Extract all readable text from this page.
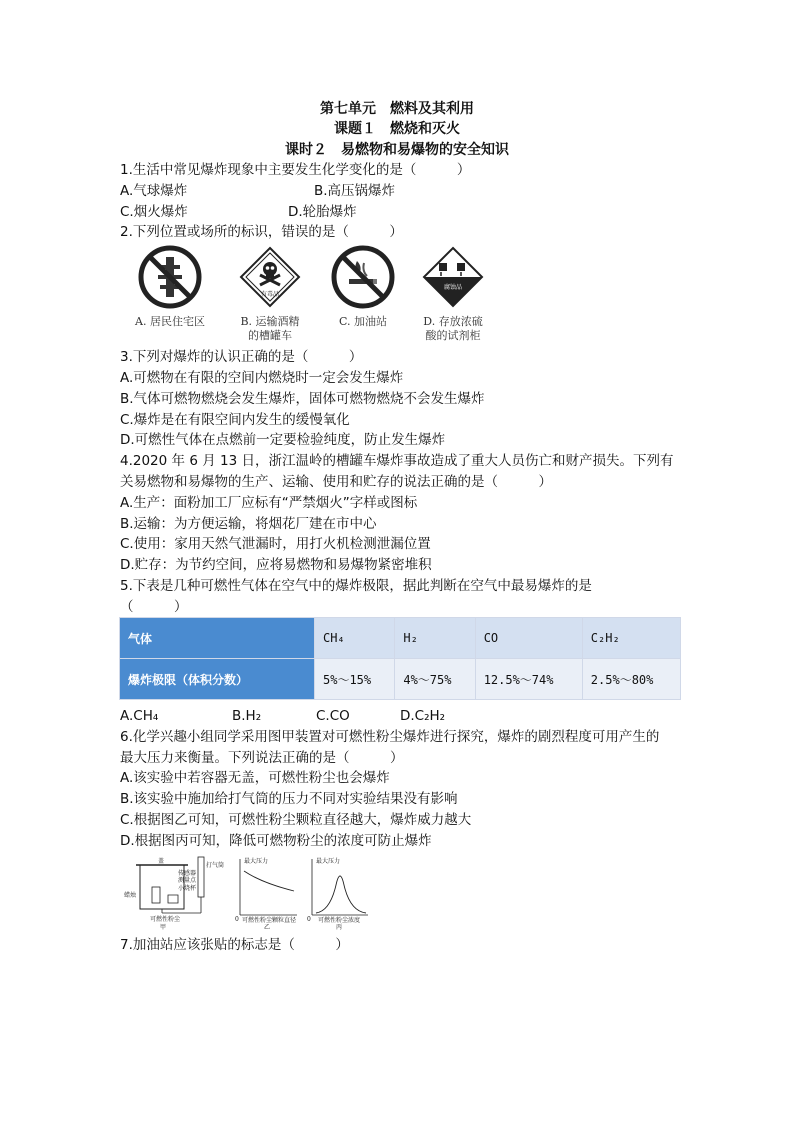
第七单元　燃料及其利用
课题１　燃烧和灭火
课时２　易燃物和易爆物的安全知识
1.生活中常见爆炸现象中主要发生化学变化的是（　　　）
A.气球爆炸	B.高压锅爆炸
C.烟火爆炸	D.轮胎爆炸
2.下列位置或场所的标识，错误的是（　　　）
A. 居民住宅区
有毒品
B. 运输酒精
的槽罐车
C. 加油站
腐蚀品
D. 存放浓硫
酸的试剂柜
3.下列对爆炸的认识正确的是（　　　）
A.可燃物在有限的空间内燃烧时一定会发生爆炸
B.气体可燃物燃烧会发生爆炸，固体可燃物燃烧不会发生爆炸
C.爆炸是在有限空间内发生的缓慢氧化
D.可燃性气体在点燃前一定要检验纯度，防止发生爆炸
4.2020 年 6 月 13 日，浙江温岭的槽罐车爆炸事故造成了重大人员伤亡和财产损失。下列有
关易燃物和易爆物的生产、运输、使用和贮存的说法正确的是（　　　）
A.生产：面粉加工厂应标有“严禁烟火”字样或图标
B.运输：为方便运输，将烟花厂建在市中心
C.使用：家用天然气泄漏时，用打火机检测泄漏位置
D.贮存：为节约空间，应将易燃物和易爆物紧密堆积
5.下表是几种可燃性气体在空气中的爆炸极限，据此判断在空气中最易爆炸的是
（　　　）
气体	CH₄	H₂	CO	C₂H₂
爆炸极限（体积分数）	5%～15%	4%～75%	12.5%～74%	2.5%～80%
A.CH₄	B.H₂	C.CO	D.C₂H₂
6.化学兴趣小组同学采用图甲装置对可燃性粉尘爆炸进行探究，爆炸的剧烈程度可用产生的
最大压力来衡量。下列说法正确的是（　　　）
A.该实验中若容器无盖，可燃性粉尘也会爆炸
B.该实验中施加给打气筒的压力不同对实验结果没有影响
C.根据图乙可知，可燃性粉尘颗粒直径越大，爆炸威力越大
D.根据图丙可知，降低可燃物粉尘的浓度可防止爆炸
盖
传感器
测量点
小烧杯
蜡烛
打气筒
可燃性粉尘
甲
最大压力
0 可燃性粉尘颗粒直径
乙
最大压力
0 可燃性粉尘浓度
丙
7.加油站应该张贴的标志是（　　　）
